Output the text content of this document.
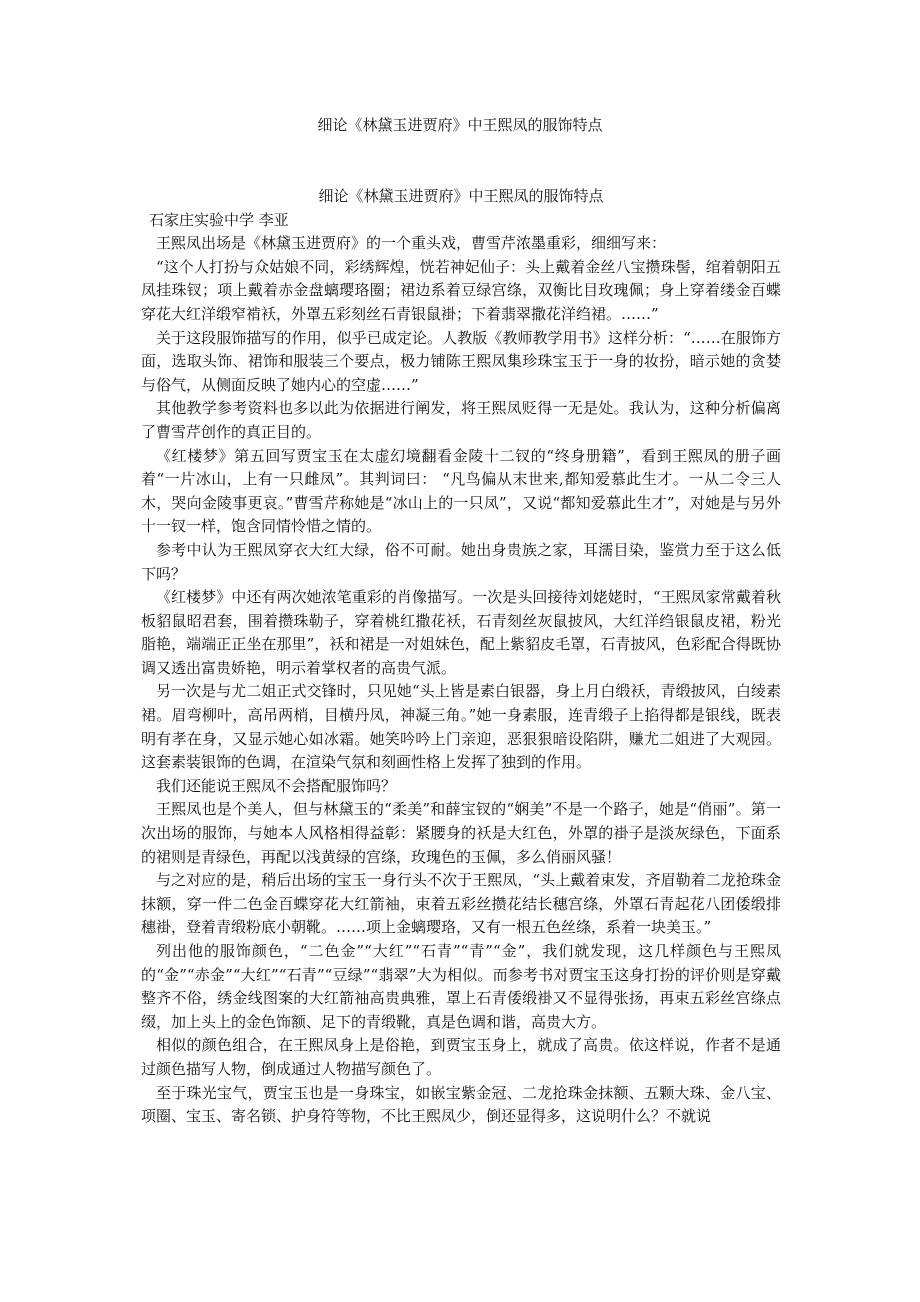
细论《林黛玉进贾府》中王熙凤的服饰特点
细论《林黛玉进贾府》中王熙凤的服饰特点

石家庄实验中学 李亚

王熙凤出场是《林黛玉进贾府》的一个重头戏，曹雪芹浓墨重彩，细细写来：

“这个人打扮与众姑娘不同，彩绣辉煌，恍若神妃仙子：头上戴着金丝八宝攒珠髻，绾着朝阳五凤挂珠钗；项上戴着赤金盘螭璎珞圈；裙边系着豆绿宫绦，双衡比目玫瑰佩；身上穿着缕金百蝶穿花大红洋缎窄褃袄，外罩五彩刻丝石青银鼠褂；下着翡翠撒花洋绉裙。……”

关于这段服饰描写的作用，似乎已成定论。人教版《教师教学用书》这样分析：“……在服饰方面，选取头饰、裙饰和服装三个要点，极力铺陈王熙凤集珍珠宝玉于一身的妆扮，暗示她的贪婪与俗气，从侧面反映了她内心的空虚……”

其他教学参考资料也多以此为依据进行阐发，将王熙凤贬得一无是处。我认为，这种分析偏离了曹雪芹创作的真正目的。

《红楼梦》第五回写贾宝玉在太虚幻境翻看金陵十二钗的“终身册籍”，看到王熙凤的册子画着“一片冰山，上有一只雌凤”。其判词曰： “凡鸟偏从末世来,都知爱慕此生才。一从二令三人木，哭向金陵事更哀。”曹雪芹称她是“冰山上的一只凤”，又说“都知爱慕此生才”，对她是与另外十一钗一样，饱含同情怜惜之情的。

参考中认为王熙凤穿衣大红大绿，俗不可耐。她出身贵族之家，耳濡目染，鉴赏力至于这么低下吗？

《红楼梦》中还有两次她浓笔重彩的肖像描写。一次是头回接待刘姥姥时，“王熙凤家常戴着秋板貂鼠昭君套，围着攒珠勒子，穿着桃红撒花袄，石青刻丝灰鼠披风，大红洋绉银鼠皮裙，粉光脂艳，端端正正坐在那里”，袄和裙是一对姐妹色，配上紫貂皮毛罩，石青披风，色彩配合得既协调又透出富贵娇艳，明示着掌权者的高贵气派。

另一次是与尤二姐正式交锋时，只见她“头上皆是素白银器，身上月白缎袄，青缎披风，白绫素裙。眉弯柳叶，高吊两梢，目横丹凤，神凝三角。”她一身素服，连青缎子上掐得都是银线，既表明有孝在身，又显示她心如冰霜。她笑吟吟上门亲迎，恶狠狠暗设陷阱，赚尤二姐进了大观园。这套素装银饰的色调，在渲染气氛和刻画性格上发挥了独到的作用。

我们还能说王熙凤不会搭配服饰吗？

王熙凤也是个美人，但与林黛玉的“柔美”和薛宝钗的“娴美”不是一个路子，她是“俏丽”。第一次出场的服饰，与她本人风格相得益彰：紧腰身的袄是大红色，外罩的褂子是淡灰绿色，下面系的裙则是青绿色，再配以浅黄绿的宫绦，玫瑰色的玉佩，多么俏丽风骚！

与之对应的是，稍后出场的宝玉一身行头不次于王熙凤，“头上戴着束发，齐眉勒着二龙抢珠金抹额，穿一件二色金百蝶穿花大红箭袖，束着五彩丝攒花结长穗宫绦，外罩石青起花八团倭缎排穗褂，登着青缎粉底小朝靴。……项上金螭璎珞，又有一根五色丝绦，系着一块美玉。”

列出他的服饰颜色，“二色金”“大红”“石青”“青”“金”，我们就发现，这几样颜色与王熙凤的“金”“赤金”“大红”“石青”“豆绿”“翡翠”大为相似。而参考书对贾宝玉这身打扮的评价则是穿戴整齐不俗，绣金线图案的大红箭袖高贵典雅，罩上石青倭缎褂又不显得张扬，再束五彩丝宫绦点缀，加上头上的金色饰额、足下的青缎靴，真是色调和谐，高贵大方。

相似的颜色组合，在王熙凤身上是俗艳，到贾宝玉身上，就成了高贵。依这样说，作者不是通过颜色描写人物，倒成通过人物描写颜色了。

至于珠光宝气，贾宝玉也是一身珠宝，如嵌宝紫金冠、二龙抢珠金抹额、五颗大珠、金八宝、项圈、宝玉、寄名锁、护身符等物，不比王熙凤少，倒还显得多，这说明什么？不就说
